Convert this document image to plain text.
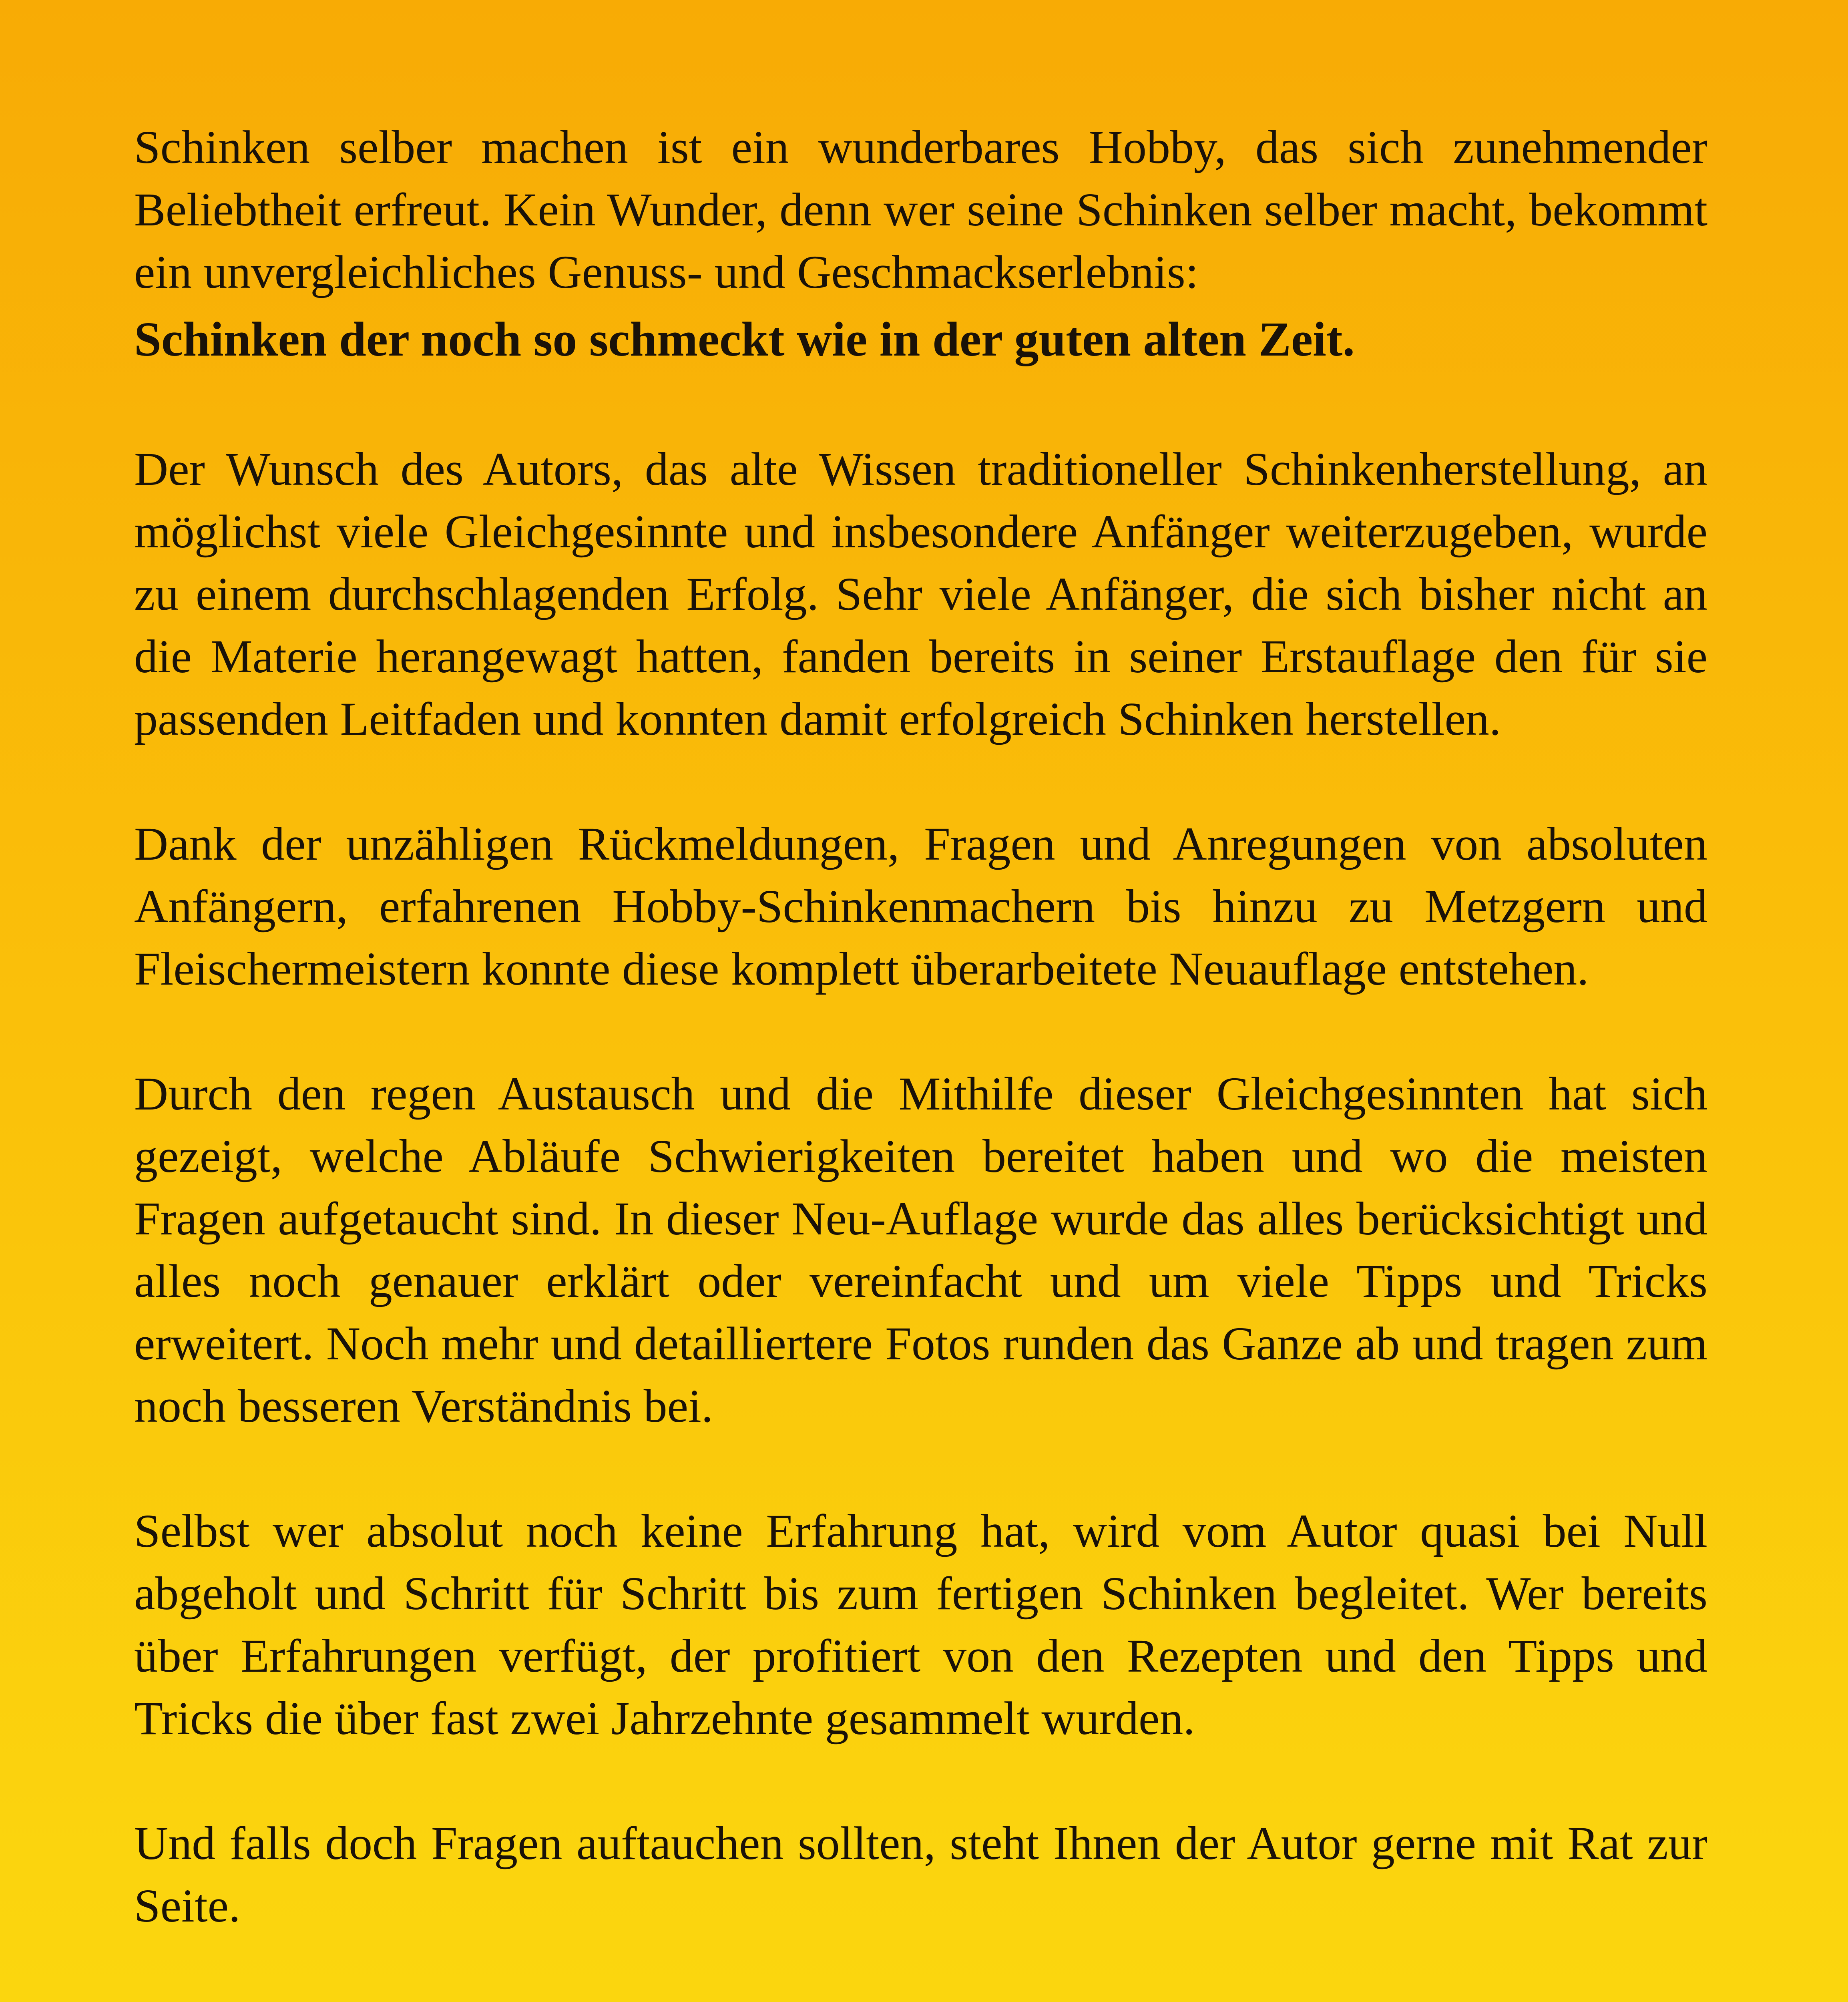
Schinken selber machen ist ein wunderbares Hobby, das sich zunehmender Beliebtheit erfreut. Kein Wunder, denn wer seine Schinken selber macht, bekommt ein unvergleichliches Genuss- und Geschmackserlebnis:
Schinken der noch so schmeckt wie in der guten alten Zeit.

Der Wunsch des Autors, das alte Wissen traditioneller Schinkenherstellung, an möglichst viele Gleichgesinnte und insbesondere Anfänger weiterzugeben, wurde zu einem durchschlagenden Erfolg. Sehr viele Anfänger, die sich bisher nicht an die Materie herangewagt hatten, fanden bereits in seiner Erstauflage den für sie passenden Leitfaden und konnten damit erfolgreich Schinken herstellen.

Dank der unzähligen Rückmeldungen, Fragen und Anregungen von absoluten Anfängern, erfahrenen Hobby-Schinkenmachern bis hinzu zu Metzgern und Fleischermeistern konnte diese komplett überarbeitete Neuauflage entstehen.

Durch den regen Austausch und die Mithilfe dieser Gleichgesinnten hat sich gezeigt, welche Abläufe Schwierigkeiten bereitet haben und wo die meisten Fragen aufgetaucht sind. In dieser Neu-Auflage wurde das alles berücksichtigt und alles noch genauer erklärt oder vereinfacht und um viele Tipps und Tricks erweitert. Noch mehr und detailliertere Fotos runden das Ganze ab und tragen zum noch besseren Verständnis bei.

Selbst wer absolut noch keine Erfahrung hat, wird vom Autor quasi bei Null abgeholt und Schritt für Schritt bis zum fertigen Schinken begleitet. Wer bereits über Erfahrungen verfügt, der profitiert von den Rezepten und den Tipps und Tricks die über fast zwei Jahrzehnte gesammelt wurden.

Und falls doch Fragen auftauchen sollten, steht Ihnen der Autor gerne mit Rat zur Seite.
